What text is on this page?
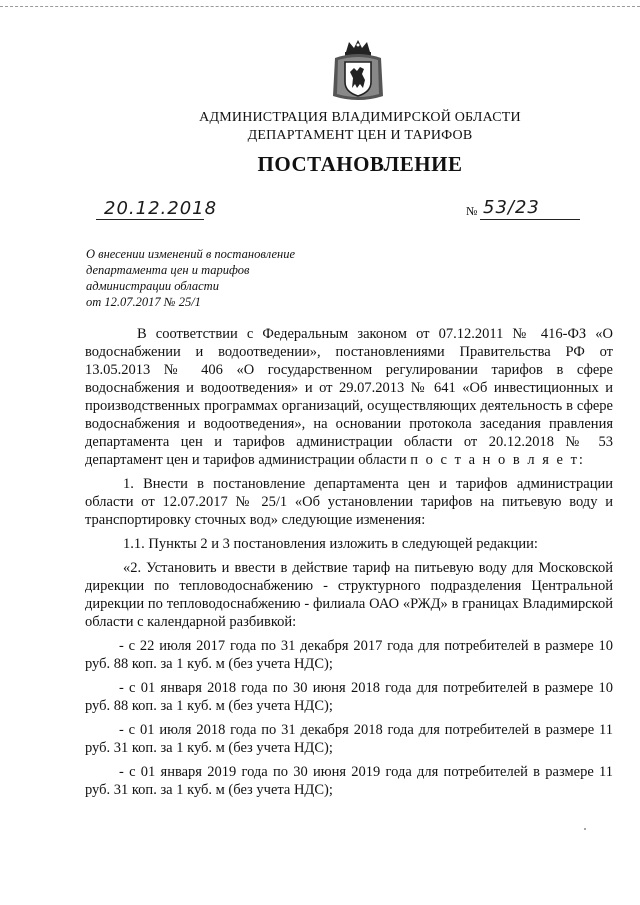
АДМИНИСТРАЦИЯ ВЛАДИМИРСКОЙ ОБЛАСТИ
ДЕПАРТАМЕНТ ЦЕН И ТАРИФОВ
ПОСТАНОВЛЕНИЕ
20.12.2018	№ 53/23
О внесении изменений в постановление
департамента цен и тарифов
администрации области
от 12.07.2017 № 25/1

В соответствии с Федеральным законом от 07.12.2011 № 416-ФЗ «О водоснабжении и водоотведении», постановлениями Правительства РФ от 13.05.2013 № 406 «О государственном регулировании тарифов в сфере водоснабжения и водоотведения» и от 29.07.2013 № 641 «Об инвестиционных и производственных программах организаций, осуществляющих деятельность в сфере водоснабжения и водоотведения», на основании протокола заседания правления департамента цен и тарифов администрации области от 20.12.2018 № 53 департамент цен и тарифов администрации области п о с т а н о в л я е т:

1. Внести в постановление департамента цен и тарифов администрации области от 12.07.2017 № 25/1 «Об установлении тарифов на питьевую воду и транспортировку сточных вод» следующие изменения:

1.1. Пункты 2 и 3 постановления изложить в следующей редакции:

«2. Установить и ввести в действие тариф на питьевую воду для Московской дирекции по тепловодоснабжению - структурного подразделения Центральной дирекции по тепловодоснабжению - филиала ОАО «РЖД» в границах Владимирской области с календарной разбивкой:

- с 22 июля 2017 года по 31 декабря 2017 года для потребителей в размере 10 руб. 88 коп. за 1 куб. м (без учета НДС);

- с 01 января 2018 года по 30 июня 2018 года для потребителей в размере 10 руб. 88 коп. за 1 куб. м (без учета НДС);

- с 01 июля 2018 года по 31 декабря 2018 года для потребителей в размере 11 руб. 31 коп. за 1 куб. м (без учета НДС);

- с 01 января 2019 года по 30 июня 2019 года для потребителей в размере 11 руб. 31 коп. за 1 куб. м (без учета НДС);
